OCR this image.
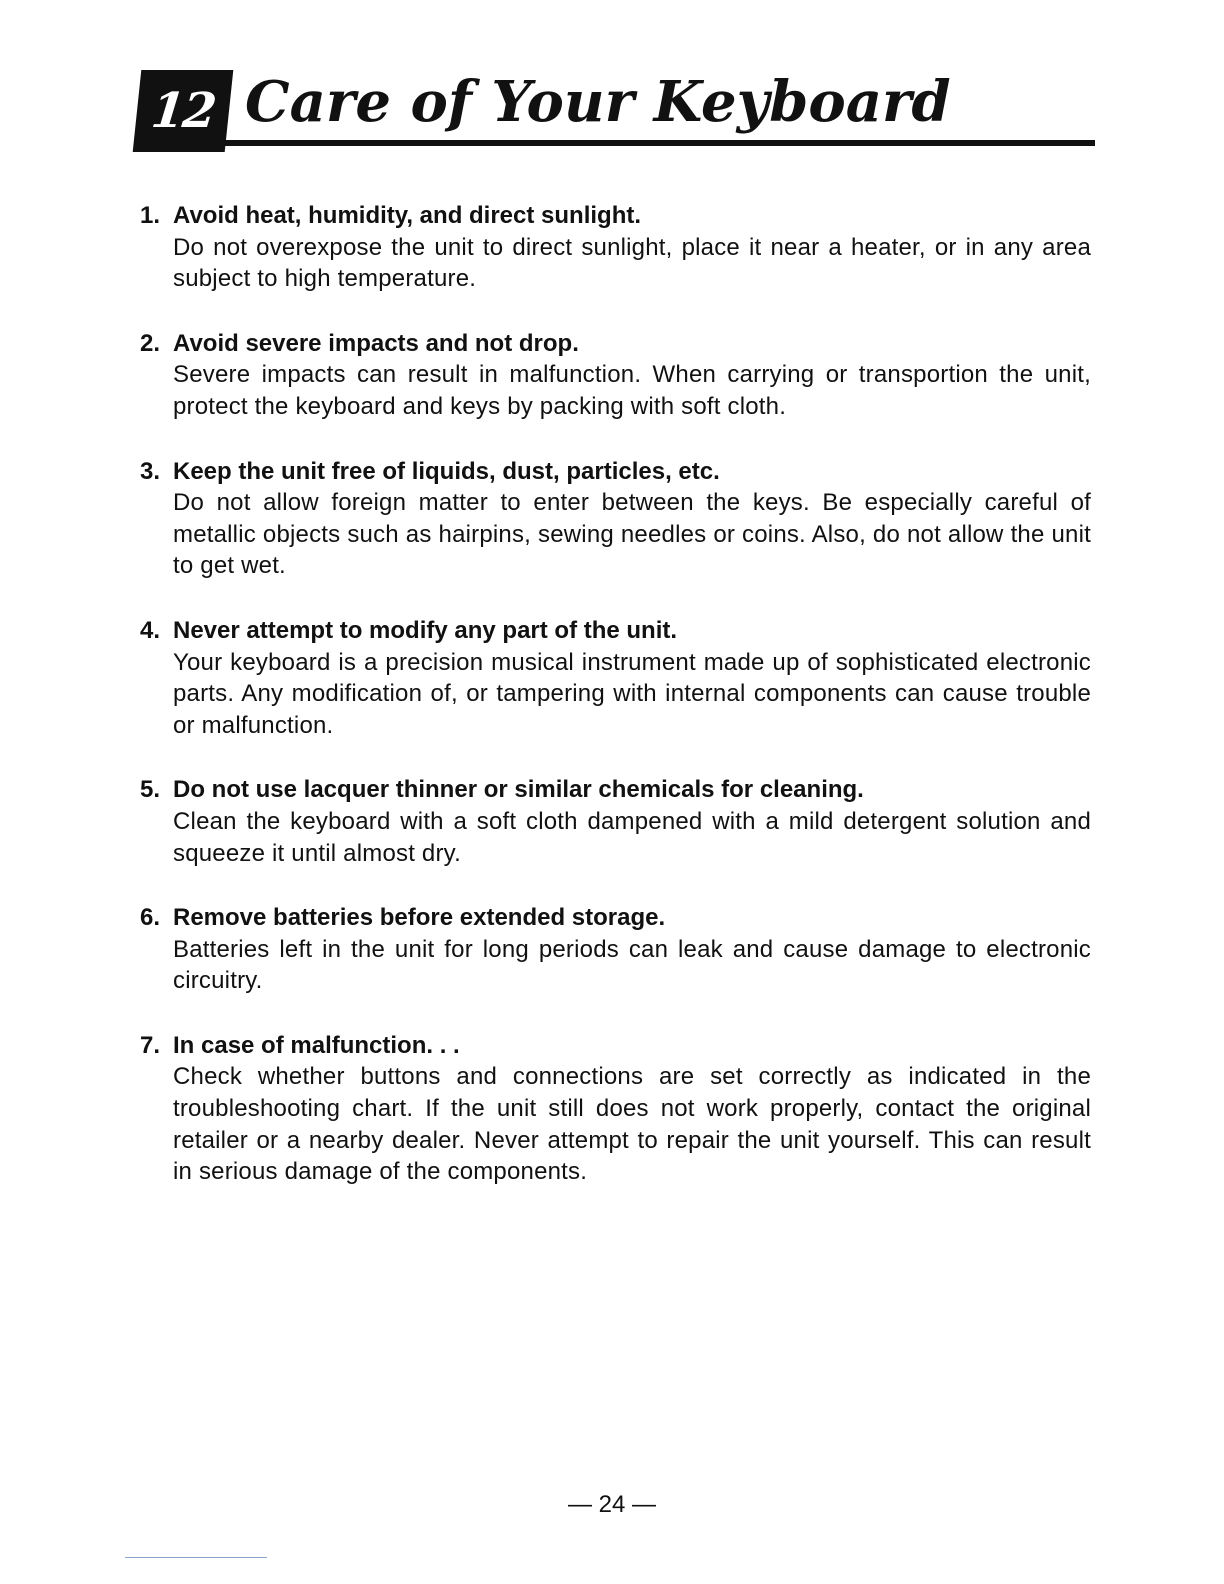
12 Care of Your Keyboard
1. Avoid heat, humidity, and direct sunlight.
Do not overexpose the unit to direct sunlight, place it near a heater, or in any area subject to high temperature.
2. Avoid severe impacts and not drop.
Severe impacts can result in malfunction. When carrying or transportion the unit, protect the keyboard and keys by packing with soft cloth.
3. Keep the unit free of liquids, dust, particles, etc.
Do not allow foreign matter to enter between the keys. Be especially careful of metallic objects such as hairpins, sewing needles or coins. Also, do not allow the unit to get wet.
4. Never attempt to modify any part of the unit.
Your keyboard is a precision musical instrument made up of sophisticated electronic parts. Any modification of, or tampering with internal components can cause trouble or malfunction.
5. Do not use lacquer thinner or similar chemicals for cleaning.
Clean the keyboard with a soft cloth dampened with a mild detergent solution and squeeze it until almost dry.
6. Remove batteries before extended storage.
Batteries left in the unit for long periods can leak and cause damage to electronic circuitry.
7. In case of malfunction. . .
Check whether buttons and connections are set correctly as indicated in the troubleshooting chart. If the unit still does not work properly, contact the original retailer or a nearby dealer. Never attempt to repair the unit yourself. This can result in serious damage of the components.
— 24 —
